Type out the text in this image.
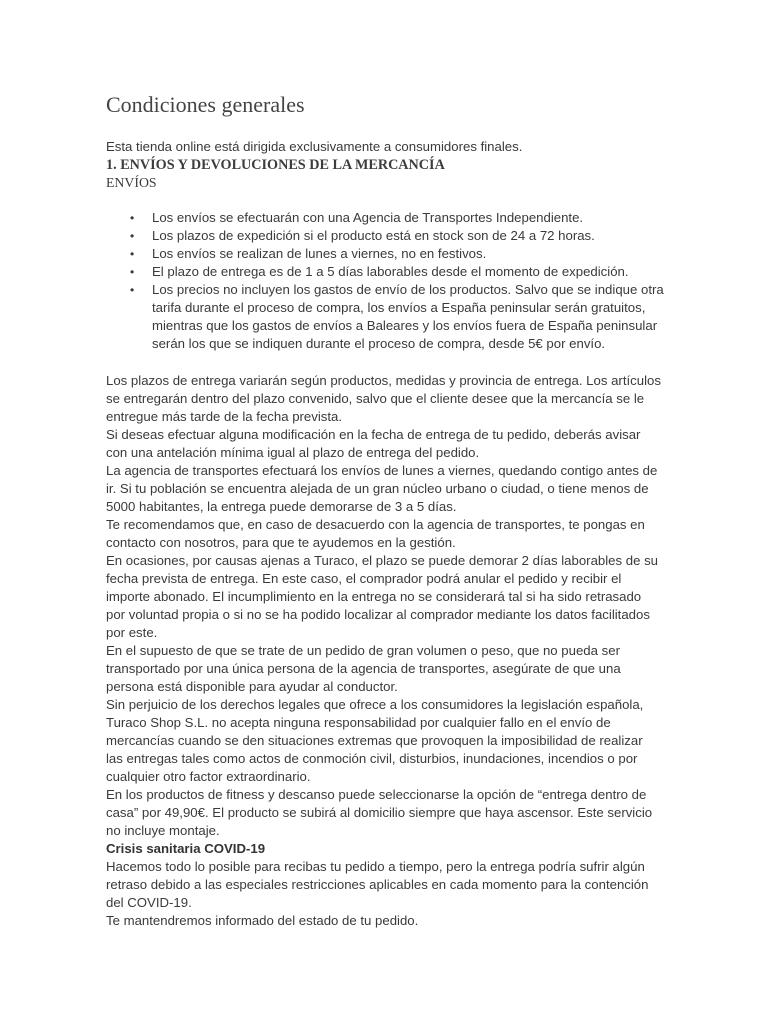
Condiciones generales

Esta tienda online está dirigida exclusivamente a consumidores finales.

1. ENVÍOS Y DEVOLUCIONES DE LA MERCANCÍA
ENVÍOS
• Los envíos se efectuarán con una Agencia de Transportes Independiente.
• Los plazos de expedición si el producto está en stock son de 24 a 72 horas.
• Los envíos se realizan de lunes a viernes, no en festivos.
• El plazo de entrega es de 1 a 5 días laborables desde el momento de expedición.
• Los precios no incluyen los gastos de envío de los productos. Salvo que se indique otra tarifa durante el proceso de compra, los envíos a España peninsular serán gratuitos, mientras que los gastos de envíos a Baleares y los envíos fuera de España peninsular serán los que se indiquen durante el proceso de compra, desde 5€ por envío.

Los plazos de entrega variarán según productos, medidas y provincia de entrega. Los artículos se entregarán dentro del plazo convenido, salvo que el cliente desee que la mercancía se le entregue más tarde de la fecha prevista.

Si deseas efectuar alguna modificación en la fecha de entrega de tu pedido, deberás avisar con una antelación mínima igual al plazo de entrega del pedido.

La agencia de transportes efectuará los envíos de lunes a viernes, quedando contigo antes de ir. Si tu población se encuentra alejada de un gran núcleo urbano o ciudad, o tiene menos de 5000 habitantes, la entrega puede demorarse de 3 a 5 días.

Te recomendamos que, en caso de desacuerdo con la agencia de transportes, te pongas en contacto con nosotros, para que te ayudemos en la gestión.

En ocasiones, por causas ajenas a Turaco, el plazo se puede demorar 2 días laborables de su fecha prevista de entrega. En este caso, el comprador podrá anular el pedido y recibir el importe abonado. El incumplimiento en la entrega no se considerará tal si ha sido retrasado por voluntad propia o si no se ha podido localizar al comprador mediante los datos facilitados por este.

En el supuesto de que se trate de un pedido de gran volumen o peso, que no pueda ser transportado por una única persona de la agencia de transportes, asegúrate de que una persona está disponible para ayudar al conductor.

Sin perjuicio de los derechos legales que ofrece a los consumidores la legislación española, Turaco Shop S.L. no acepta ninguna responsabilidad por cualquier fallo en el envío de mercancías cuando se den situaciones extremas que provoquen la imposibilidad de realizar las entregas tales como actos de conmoción civil, disturbios, inundaciones, incendios o por cualquier otro factor extraordinario.

En los productos de fitness y descanso puede seleccionarse la opción de “entrega dentro de casa” por 49,90€. El producto se subirá al domicilio siempre que haya ascensor. Este servicio no incluye montaje.

Crisis sanitaria COVID-19

Hacemos todo lo posible para recibas tu pedido a tiempo, pero la entrega podría sufrir algún retraso debido a las especiales restricciones aplicables en cada momento para la contención del COVID-19.

Te mantendremos informado del estado de tu pedido.
